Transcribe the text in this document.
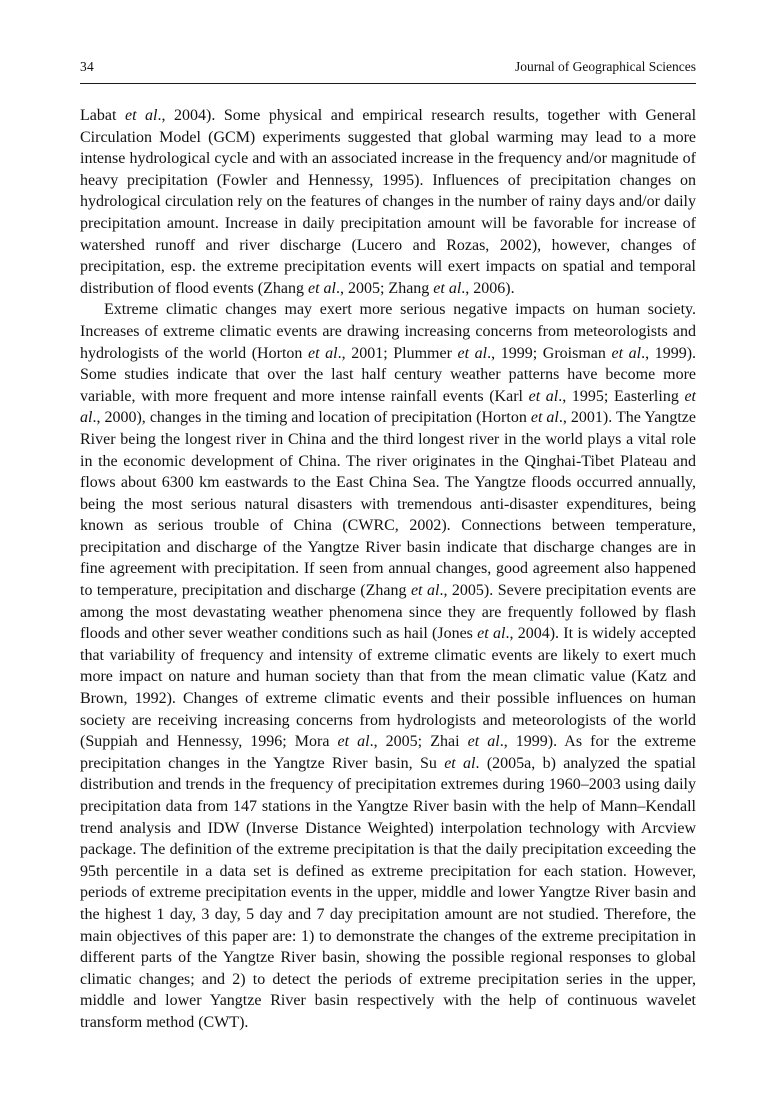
34	Journal of Geographical Sciences

Labat et al., 2004). Some physical and empirical research results, together with General Circulation Model (GCM) experiments suggested that global warming may lead to a more intense hydrological cycle and with an associated increase in the frequency and/or magnitude of heavy precipitation (Fowler and Hennessy, 1995). Influences of precipitation changes on hydrological circulation rely on the features of changes in the number of rainy days and/or daily precipitation amount. Increase in daily precipitation amount will be favorable for increase of watershed runoff and river discharge (Lucero and Rozas, 2002), however, changes of precipitation, esp. the extreme precipitation events will exert impacts on spatial and temporal distribution of flood events (Zhang et al., 2005; Zhang et al., 2006).

Extreme climatic changes may exert more serious negative impacts on human society. Increases of extreme climatic events are drawing increasing concerns from meteorologists and hydrologists of the world (Horton et al., 2001; Plummer et al., 1999; Groisman et al., 1999). Some studies indicate that over the last half century weather patterns have become more variable, with more frequent and more intense rainfall events (Karl et al., 1995; Easterling et al., 2000), changes in the timing and location of precipitation (Horton et al., 2001). The Yangtze River being the longest river in China and the third longest river in the world plays a vital role in the economic development of China. The river originates in the Qinghai-Tibet Plateau and flows about 6300 km eastwards to the East China Sea. The Yangtze floods occurred annually, being the most serious natural disasters with tremendous anti-disaster expenditures, being known as serious trouble of China (CWRC, 2002). Connections between temperature, precipitation and discharge of the Yangtze River basin indicate that discharge changes are in fine agreement with precipitation. If seen from annual changes, good agreement also happened to temperature, precipitation and discharge (Zhang et al., 2005). Severe precipitation events are among the most devastating weather phenomena since they are frequently followed by flash floods and other sever weather conditions such as hail (Jones et al., 2004). It is widely accepted that variability of frequency and intensity of extreme climatic events are likely to exert much more impact on nature and human society than that from the mean climatic value (Katz and Brown, 1992). Changes of extreme climatic events and their possible influences on human society are receiving increasing concerns from hydrologists and meteorologists of the world (Suppiah and Hennessy, 1996; Mora et al., 2005; Zhai et al., 1999). As for the extreme precipitation changes in the Yangtze River basin, Su et al. (2005a, b) analyzed the spatial distribution and trends in the frequency of precipitation extremes during 1960–2003 using daily precipitation data from 147 stations in the Yangtze River basin with the help of Mann–Kendall trend analysis and IDW (Inverse Distance Weighted) interpolation technology with Arcview package. The definition of the extreme precipitation is that the daily precipitation exceeding the 95th percentile in a data set is defined as extreme precipitation for each station. However, periods of extreme precipitation events in the upper, middle and lower Yangtze River basin and the highest 1 day, 3 day, 5 day and 7 day precipitation amount are not studied. Therefore, the main objectives of this paper are: 1) to demonstrate the changes of the extreme precipitation in different parts of the Yangtze River basin, showing the possible regional responses to global climatic changes; and 2) to detect the periods of extreme precipitation series in the upper, middle and lower Yangtze River basin respectively with the help of continuous wavelet transform method (CWT).
